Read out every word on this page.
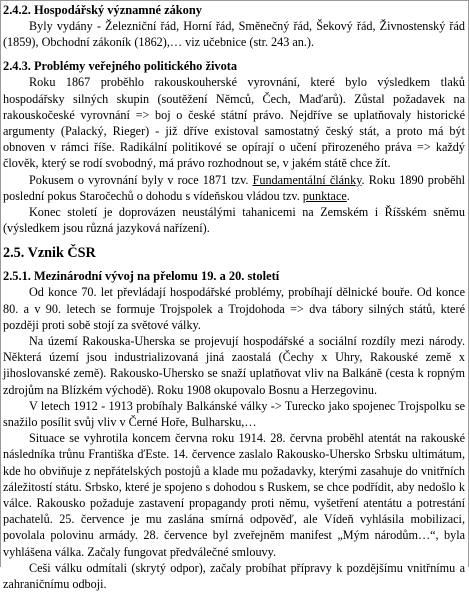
2.4.2. Hospodářský významné zákony

Byly vydány - Železniční řád, Horní řád, Směnečný řád, Šekový řád, Živnostenský řád (1859), Obchodní zákoník (1862),… viz učebnice (str. 243 an.).

2.4.3. Problémy veřejného politického života

Roku 1867 proběhlo rakouskouherské vyrovnání, které bylo výsledkem tlaků hospodářsky silných skupin (soutěžení Němců, Čech, Maďarů). Zůstal požadavek na rakouskočeské vyrovnání => boj o české státní právo. Nejdříve se uplatňovaly historické argumenty (Palacký, Rieger) - již dříve existoval samostatný český stát, a proto má být obnoven v rámci říše. Radikální politikové se opírají o učení přirozeného práva => každý člověk, který se rodí svobodný, má právo rozhodnout se, v jakém státě chce žít.

Pokusem o vyrovnání byly v roce 1871 tzv. Fundamentální články. Roku 1890 proběhl poslední pokus Staročechů o dohodu s vídeňskou vládou tzv. punktace.

Konec století je doprovázen neustálými tahanicemi na Zemském i Říšském sněmu (výsledkem jsou různá jazyková nařízení).

2.5. Vznik ČSR
2.5.1. Mezinárodní vývoj na přelomu 19. a 20. století

Od konce 70. let převládají hospodářské problémy, probíhají dělnické bouře. Od konce 80. a v 90. letech se formuje Trojspolek a Trojdohoda => dva tábory silných států, které později proti sobě stojí za světové války.

Na území Rakouska-Uherska se projevují hospodářské a sociální rozdíly mezi národy. Některá území jsou industrializovaná jiná zaostalá (Čechy x Uhry, Rakouské země x jihoslovanské země). Rakousko-Uhersko se snaží uplatňovat vliv na Balkáně (cesta k ropným zdrojům na Blízkém východě). Roku 1908 okupovalo Bosnu a Herzegovinu.

V letech 1912 - 1913 probíhaly Balkánské války -> Turecko jako spojenec Trojspolku se snažilo posílit svůj vliv v Černé Hoře, Bulharsku,…

Situace se vyhrotila koncem června roku 1914. 28. června proběhl atentát na rakouské následníka trůnu Františka ďEste. 14. července zaslalo Rakousko-Uhersko Srbsku ultimátum, kde ho obviňuje z nepřátelských postojů a klade mu požadavky, kterými zasahuje do vnitřních záležitostí státu. Srbsko, které je spojeno s dohodou s Ruskem, se chce podřídit, aby nedošlo k válce. Rakousko požaduje zastavení propagandy proti němu, vyšetření atentátu a potrestání pachatelů. 25. července je mu zaslána smírná odpověď, ale Vídeň vyhlásila mobilizaci, povolala polovinu armády. 28. července byl zveřejněm manifest „Mým národům…“, byla vyhlášena válka. Začaly fungovat předválečné smlouvy.

Ceši válku odmítali (skrytý odpor), začaly probíhat přípravy k pozdějšímu vnitřnímu a zahraničnímu odboji.
